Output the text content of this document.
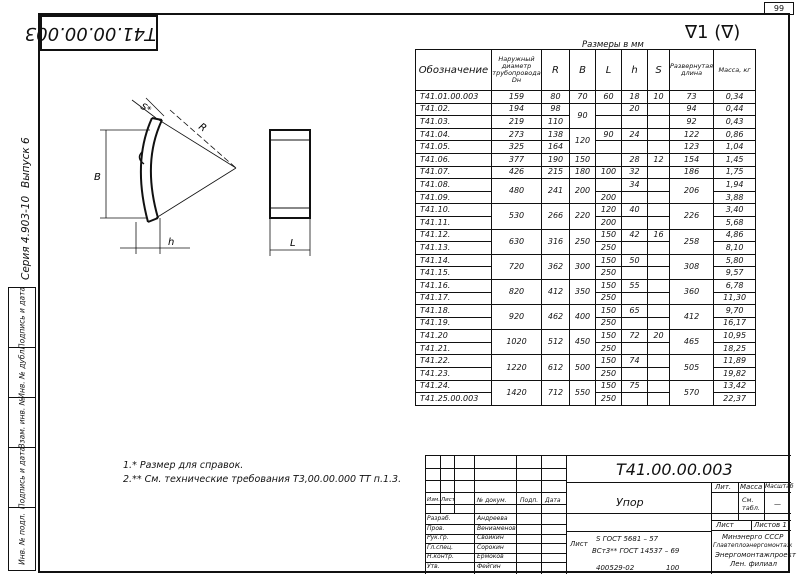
99
Т41.00.00.003
Серия 4.903-10
Выпуск 6
Подпись и дата
Инв. № дубл.
Взам. инв. №
Подпись и дата
Инв. № подл.
∇1 (∇)
Размеры в мм
S*
R
B
h	L
Обозначение	Наружный диаметр трубопровода Dн	R	B	L	h	S	Развернутая длина	Масса, кг
Т41.01.00.003	159	80	70	60	18	10	73	0,34
Т41.02.	194	98	90		20		94	0,44
Т41.03.	219	110					92	0,43
Т41.04.	273	138	120	90	24		122	0,86
Т41.05.	325	164					123	1,04
Т41.06.	377	190	150		28	12	154	1,45
Т41.07.	426	215	180	100	32		186	1,75
Т41.08.	480	241	200		34		206	1,94
Т41.09.				200				3,88
Т41.10.	530	266	220	120	40		226	3,40
Т41.11.				200				5,68
Т41.12.	630	316	250	150	42	16	258	4,86
Т41.13.				250				8,10
Т41.14.	720	362	300	150	50		308	5,80
Т41.15.				250				9,57
Т41.16.	820	412	350	150	55		360	6,78
Т41.17.				250				11,30
Т41.18.	920	462	400	150	65		412	9,70
Т41.19.				250				16,17
Т41.20	1020	512	450	150	72	20	465	10,95
Т41.21.				250				18,25
Т41.22.	1220	612	500	150	74		505	11,89
Т41.23.				250				19,82
Т41.24.	1420	712	550	150	75		570	13,42
Т41.25.00.003				250				22,37
1.* Размер для справок.
2.** См. технические требования Т3,00.00.000 ТТ п.1.3.
Т41.00.00.003
Упор
Лит. Масса Масштаб
См. табл. —
Лист	Листов 1
Лист
S ГОСТ 5681 – 57
ВСт3** ГОСТ 14537 – 69
Минэнерго СССР
Главтеплоэнергомонтаж
Энергомонтажпроект
Лен. филиал
Изм. Лист	№ докум. Подп. Дата
Разраб.	Андреева
Пров.	Вениаменов
Рук.гр.	Свойкин
Гл.спец.	Сорокин
Н.контр.	Ермоков
Утв.	Фейгин	400529-02	100
